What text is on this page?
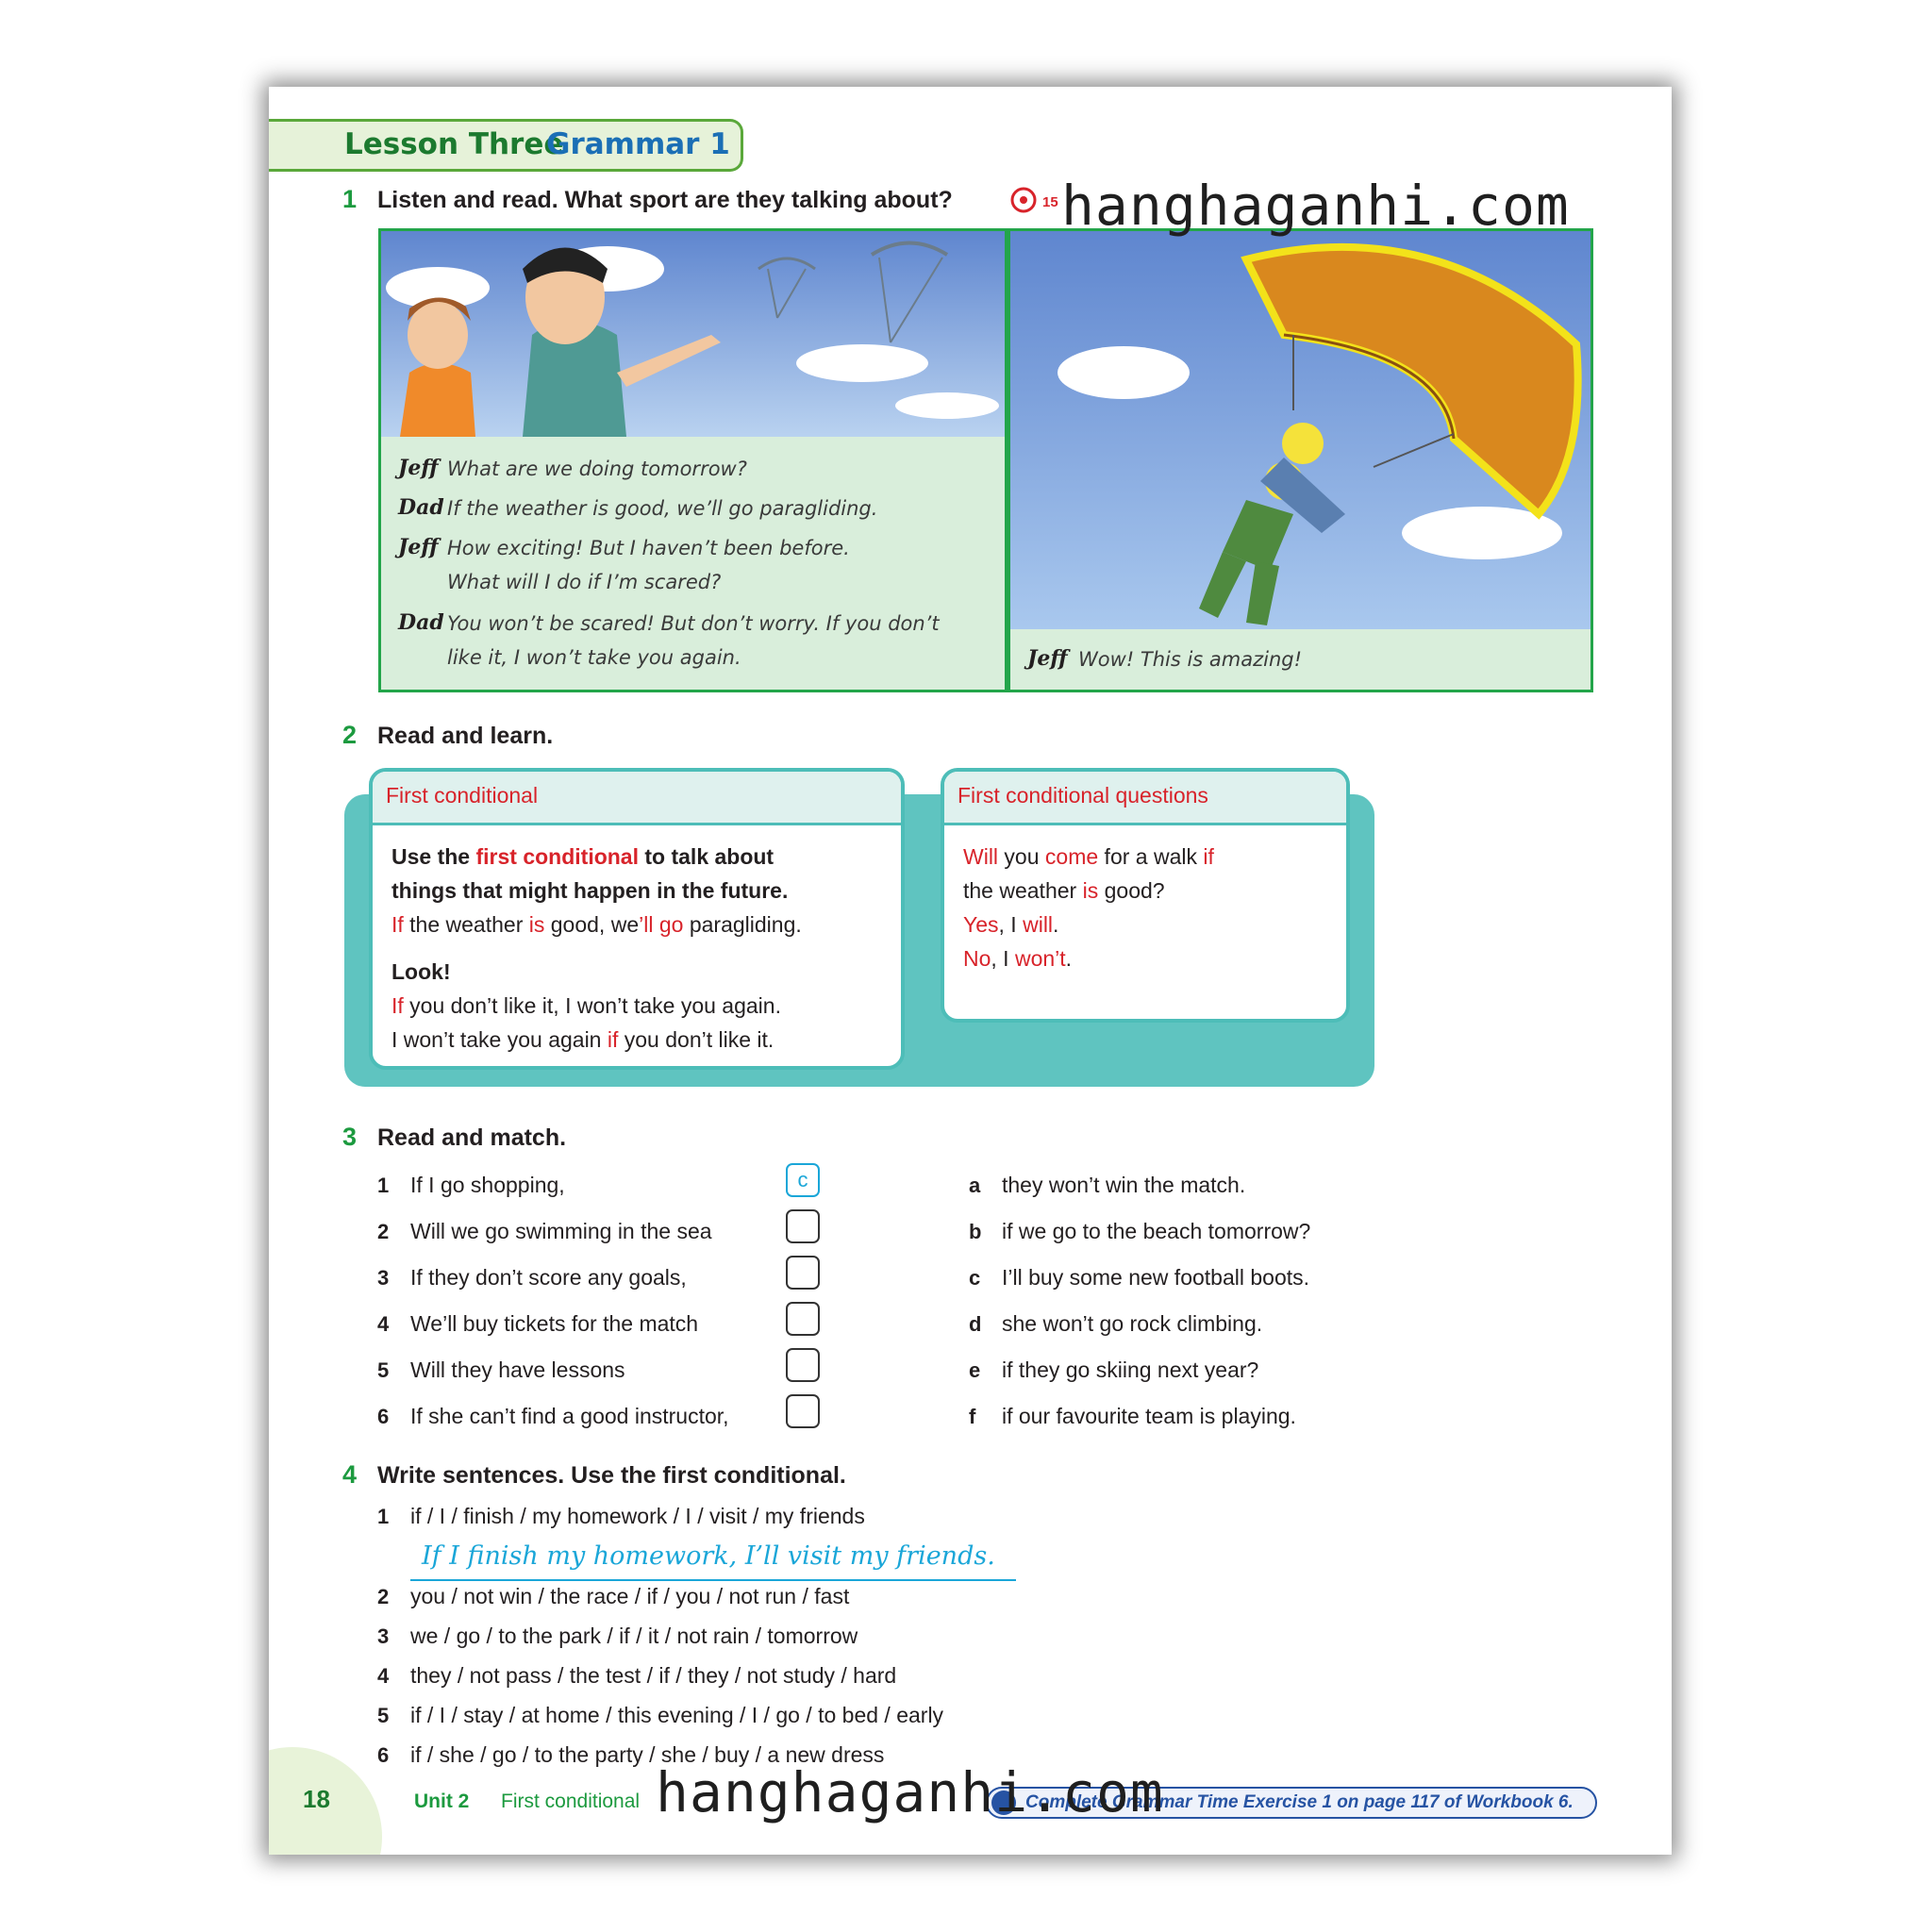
Lesson Three
Grammar 1
1 Listen and read. What sport are they talking about?	15
Jeff What are we doing tomorrow?
Dad If the weather is good, we’ll go paragliding.
Jeff How exciting! But I haven’t been before.
What will I do if I’m scared?
Dad You won’t be scared! But don’t worry. If you don’t
like it, I won’t take you again.	Jeff Wow! This is amazing!
2 Read and learn.
First conditional
Use the first conditional to talk about
things that might happen in the future.
If the weather is good, we’ll go paragliding.
Look!
If you don’t like it, I won’t take you again.
I won’t take you again if you don’t like it.
First conditional questions
Will you come for a walk if
the weather is good?
Yes, I will.
No, I won’t.
3 Read and match.
1 If I go shopping,	c
2 Will we go swimming in the sea
3 If they don’t score any goals,
4 We’ll buy tickets for the match
5 Will they have lessons
6 If she can’t find a good instructor,
a they won’t win the match.
b if we go to the beach tomorrow?
c I’ll buy some new football boots.
d she won’t go rock climbing.
e if they go skiing next year?
f if our favourite team is playing.
4 Write sentences. Use the first conditional.
1 if / I / finish / my homework / I / visit / my friends
If I finish my homework, I’ll visit my friends.
2 you / not win / the race / if / you / not run / fast
3 we / go / to the park / if / it / not rain / tomorrow
4 they / not pass / the test / if / they / not study / hard
5 if / I / stay / at home / this evening / I / go / to bed / early
6 if / she / go / to the party / she / buy / a new dress
18	Unit 2 First conditional	Complete Grammar Time Exercise 1 on page 117 of Workbook 6.
hanghaganhi.com
hanghaganhi.com
